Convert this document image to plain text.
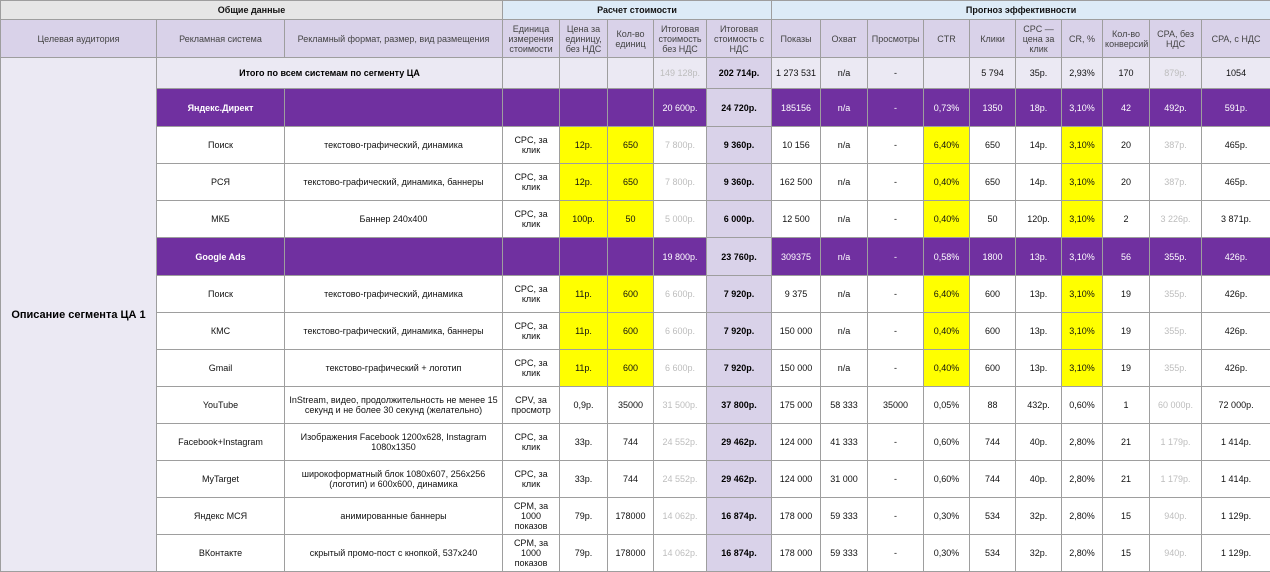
Общие данные			Расчет стоимости					Прогноз эффективности									
Целевая аудитория	Рекламная система	Рекламный формат, размер, вид размещения	Единица измерения стоимости	Цена за единицу, без НДС	Кол-во единиц	Итоговая стоимость без НДС	Итоговая стоимость с НДС	Показы	Охват	Просмотры	CTR	Клики	CPC — цена за клик	CR, %	Кол-во конверсий	CPA, без НДС	CPA, с НДС
Описание сегмента ЦА 1	Итого по всем системам по сегменту ЦА					149 128р.	202 714р.	1 273 531	n/a	-		5 794	35р.	2,93%	170	879р.	1054
	Яндекс.Директ					20 600р.	24 720р.	185156	n/a	-	0,73%	1350	18р.	3,10%	42	492р.	591р.
	Поиск	текстово-графический, динамика	CPC, за клик	12р.	650	7 800р.	9 360р.	10 156	n/a	-	6,40%	650	14р.	3,10%	20	387р.	465р.
	РСЯ	текстово-графический, динамика, баннеры	CPC, за клик	12р.	650	7 800р.	9 360р.	162 500	n/a	-	0,40%	650	14р.	3,10%	20	387р.	465р.
	МКБ	Баннер 240х400	CPC, за клик	100р.	50	5 000р.	6 000р.	12 500	n/a	-	0,40%	50	120р.	3,10%	2	3 226р.	3 871р.
	Google Ads					19 800р.	23 760р.	309375	n/a	-	0,58%	1800	13р.	3,10%	56	355р.	426р.
	Поиск	текстово-графический, динамика	CPC, за клик	11р.	600	6 600р.	7 920р.	9 375	n/a	-	6,40%	600	13р.	3,10%	19	355р.	426р.
	КМС	текстово-графический, динамика, баннеры	CPC, за клик	11р.	600	6 600р.	7 920р.	150 000	n/a	-	0,40%	600	13р.	3,10%	19	355р.	426р.
	Gmail	текстово-графический + логотип	CPC, за клик	11р.	600	6 600р.	7 920р.	150 000	n/a	-	0,40%	600	13р.	3,10%	19	355р.	426р.
	YouTube	InStream, видео, продолжительность не менее 15 секунд и не более 30 секунд (желательно)	CPV, за просмотр	0,9р.	35000	31 500р.	37 800р.	175 000	58 333	35000	0,05%	88	432р.	0,60%	1	60 000р.	72 000р.
	Facebook+Instagram	Изображения Facebook 1200x628, Instagram 1080x1350	CPC, за клик	33р.	744	24 552р.	29 462р.	124 000	41 333	-	0,60%	744	40р.	2,80%	21	1 179р.	1 414р.
	MyTarget	широкоформатный блок 1080х607, 256х256 (логотип) и 600х600, динамика	CPC, за клик	33р.	744	24 552р.	29 462р.	124 000	31 000	-	0,60%	744	40р.	2,80%	21	1 179р.	1 414р.
	Яндекс МСЯ	анимированные баннеры	CPM, за 1000 показов	79р.	178000	14 062р.	16 874р.	178 000	59 333	-	0,30%	534	32р.	2,80%	15	940р.	1 129р.
	ВКонтакте	скрытый промо-пост с кнопкой, 537x240	CPM, за 1000 показов	79р.	178000	14 062р.	16 874р.	178 000	59 333	-	0,30%	534	32р.	2,80%	15	940р.	1 129р.
